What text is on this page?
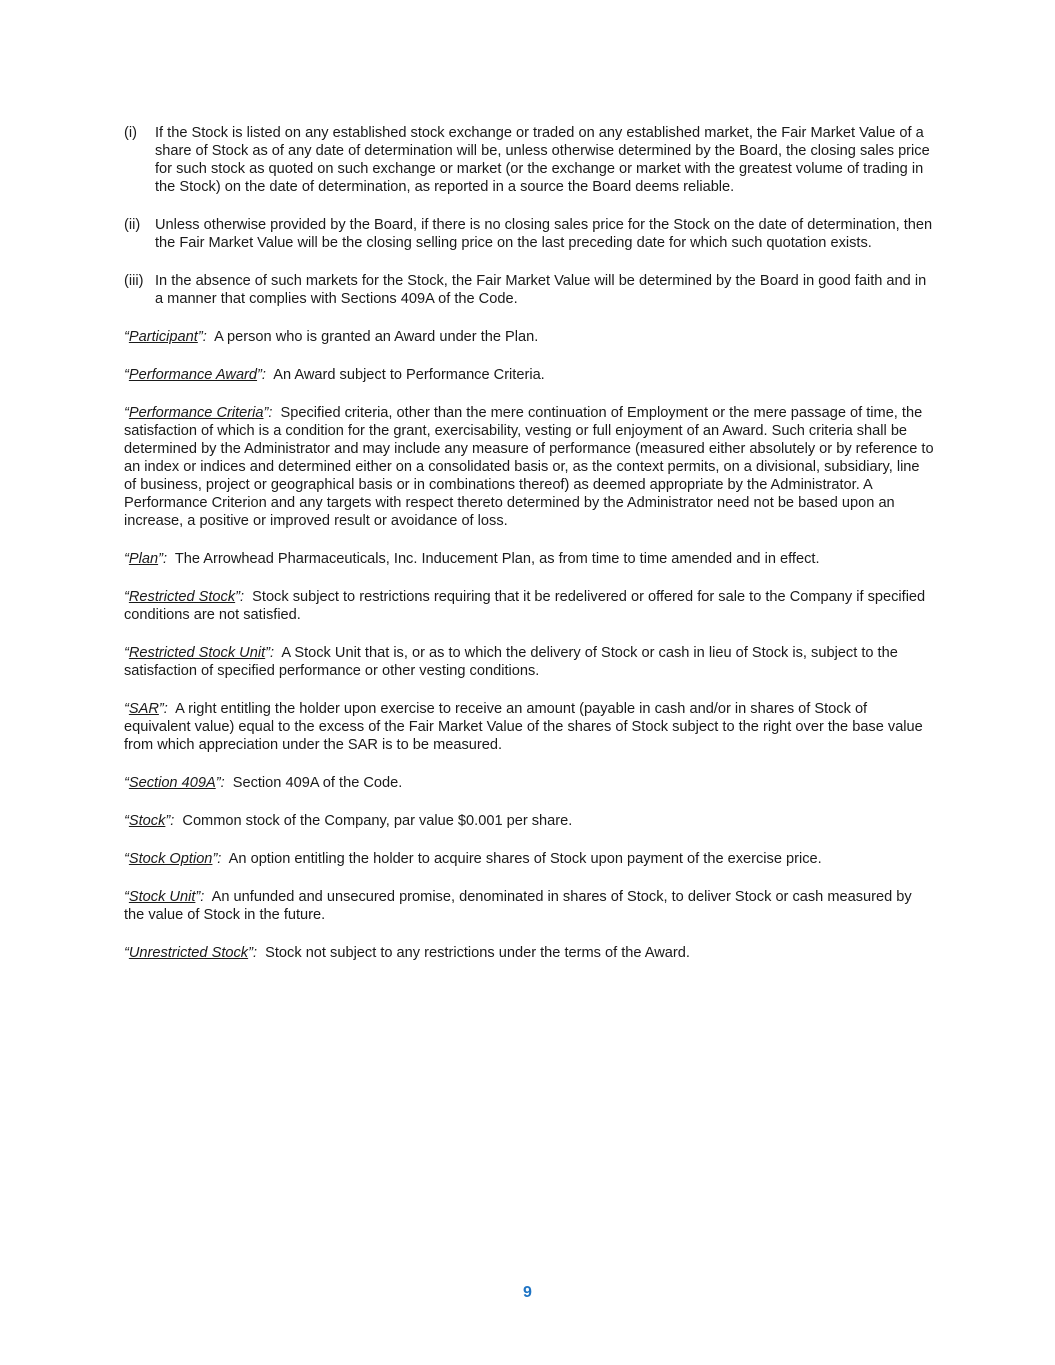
(i)	If the Stock is listed on any established stock exchange or traded on any established market, the Fair Market Value of a share of Stock as of any date of determination will be, unless otherwise determined by the Board, the closing sales price for such stock as quoted on such exchange or market (or the exchange or market with the greatest volume of trading in the Stock) on the date of determination, as reported in a source the Board deems reliable.
(ii)	Unless otherwise provided by the Board, if there is no closing sales price for the Stock on the date of determination, then the Fair Market Value will be the closing selling price on the last preceding date for which such quotation exists.
(iii) In the absence of such markets for the Stock, the Fair Market Value will be determined by the Board in good faith and in a manner that complies with Sections 409A of the Code.

“Participant”: A person who is granted an Award under the Plan.

“Performance Award”: An Award subject to Performance Criteria.

“Performance Criteria”: Specified criteria, other than the mere continuation of Employment or the mere passage of time, the satisfaction of which is a condition for the grant, exercisability, vesting or full enjoyment of an Award. Such criteria shall be determined by the Administrator and may include any measure of performance (measured either absolutely or by reference to an index or indices and determined either on a consolidated basis or, as the context permits, on a divisional, subsidiary, line of business, project or geographical basis or in combinations thereof) as deemed appropriate by the Administrator. A Performance Criterion and any targets with respect thereto determined by the Administrator need not be based upon an increase, a positive or improved result or avoidance of loss.

“Plan”: The Arrowhead Pharmaceuticals, Inc. Inducement Plan, as from time to time amended and in effect.

“Restricted Stock”: Stock subject to restrictions requiring that it be redelivered or offered for sale to the Company if specified conditions are not satisfied.

“Restricted Stock Unit”: A Stock Unit that is, or as to which the delivery of Stock or cash in lieu of Stock is, subject to the satisfaction of specified performance or other vesting conditions.

“SAR”: A right entitling the holder upon exercise to receive an amount (payable in cash and/or in shares of Stock of equivalent value) equal to the excess of the Fair Market Value of the shares of Stock subject to the right over the base value from which appreciation under the SAR is to be measured.

“Section 409A”: Section 409A of the Code.

“Stock”: Common stock of the Company, par value $0.001 per share.

“Stock Option”: An option entitling the holder to acquire shares of Stock upon payment of the exercise price.

“Stock Unit”: An unfunded and unsecured promise, denominated in shares of Stock, to deliver Stock or cash measured by the value of Stock in the future.

“Unrestricted Stock”: Stock not subject to any restrictions under the terms of the Award.

9
